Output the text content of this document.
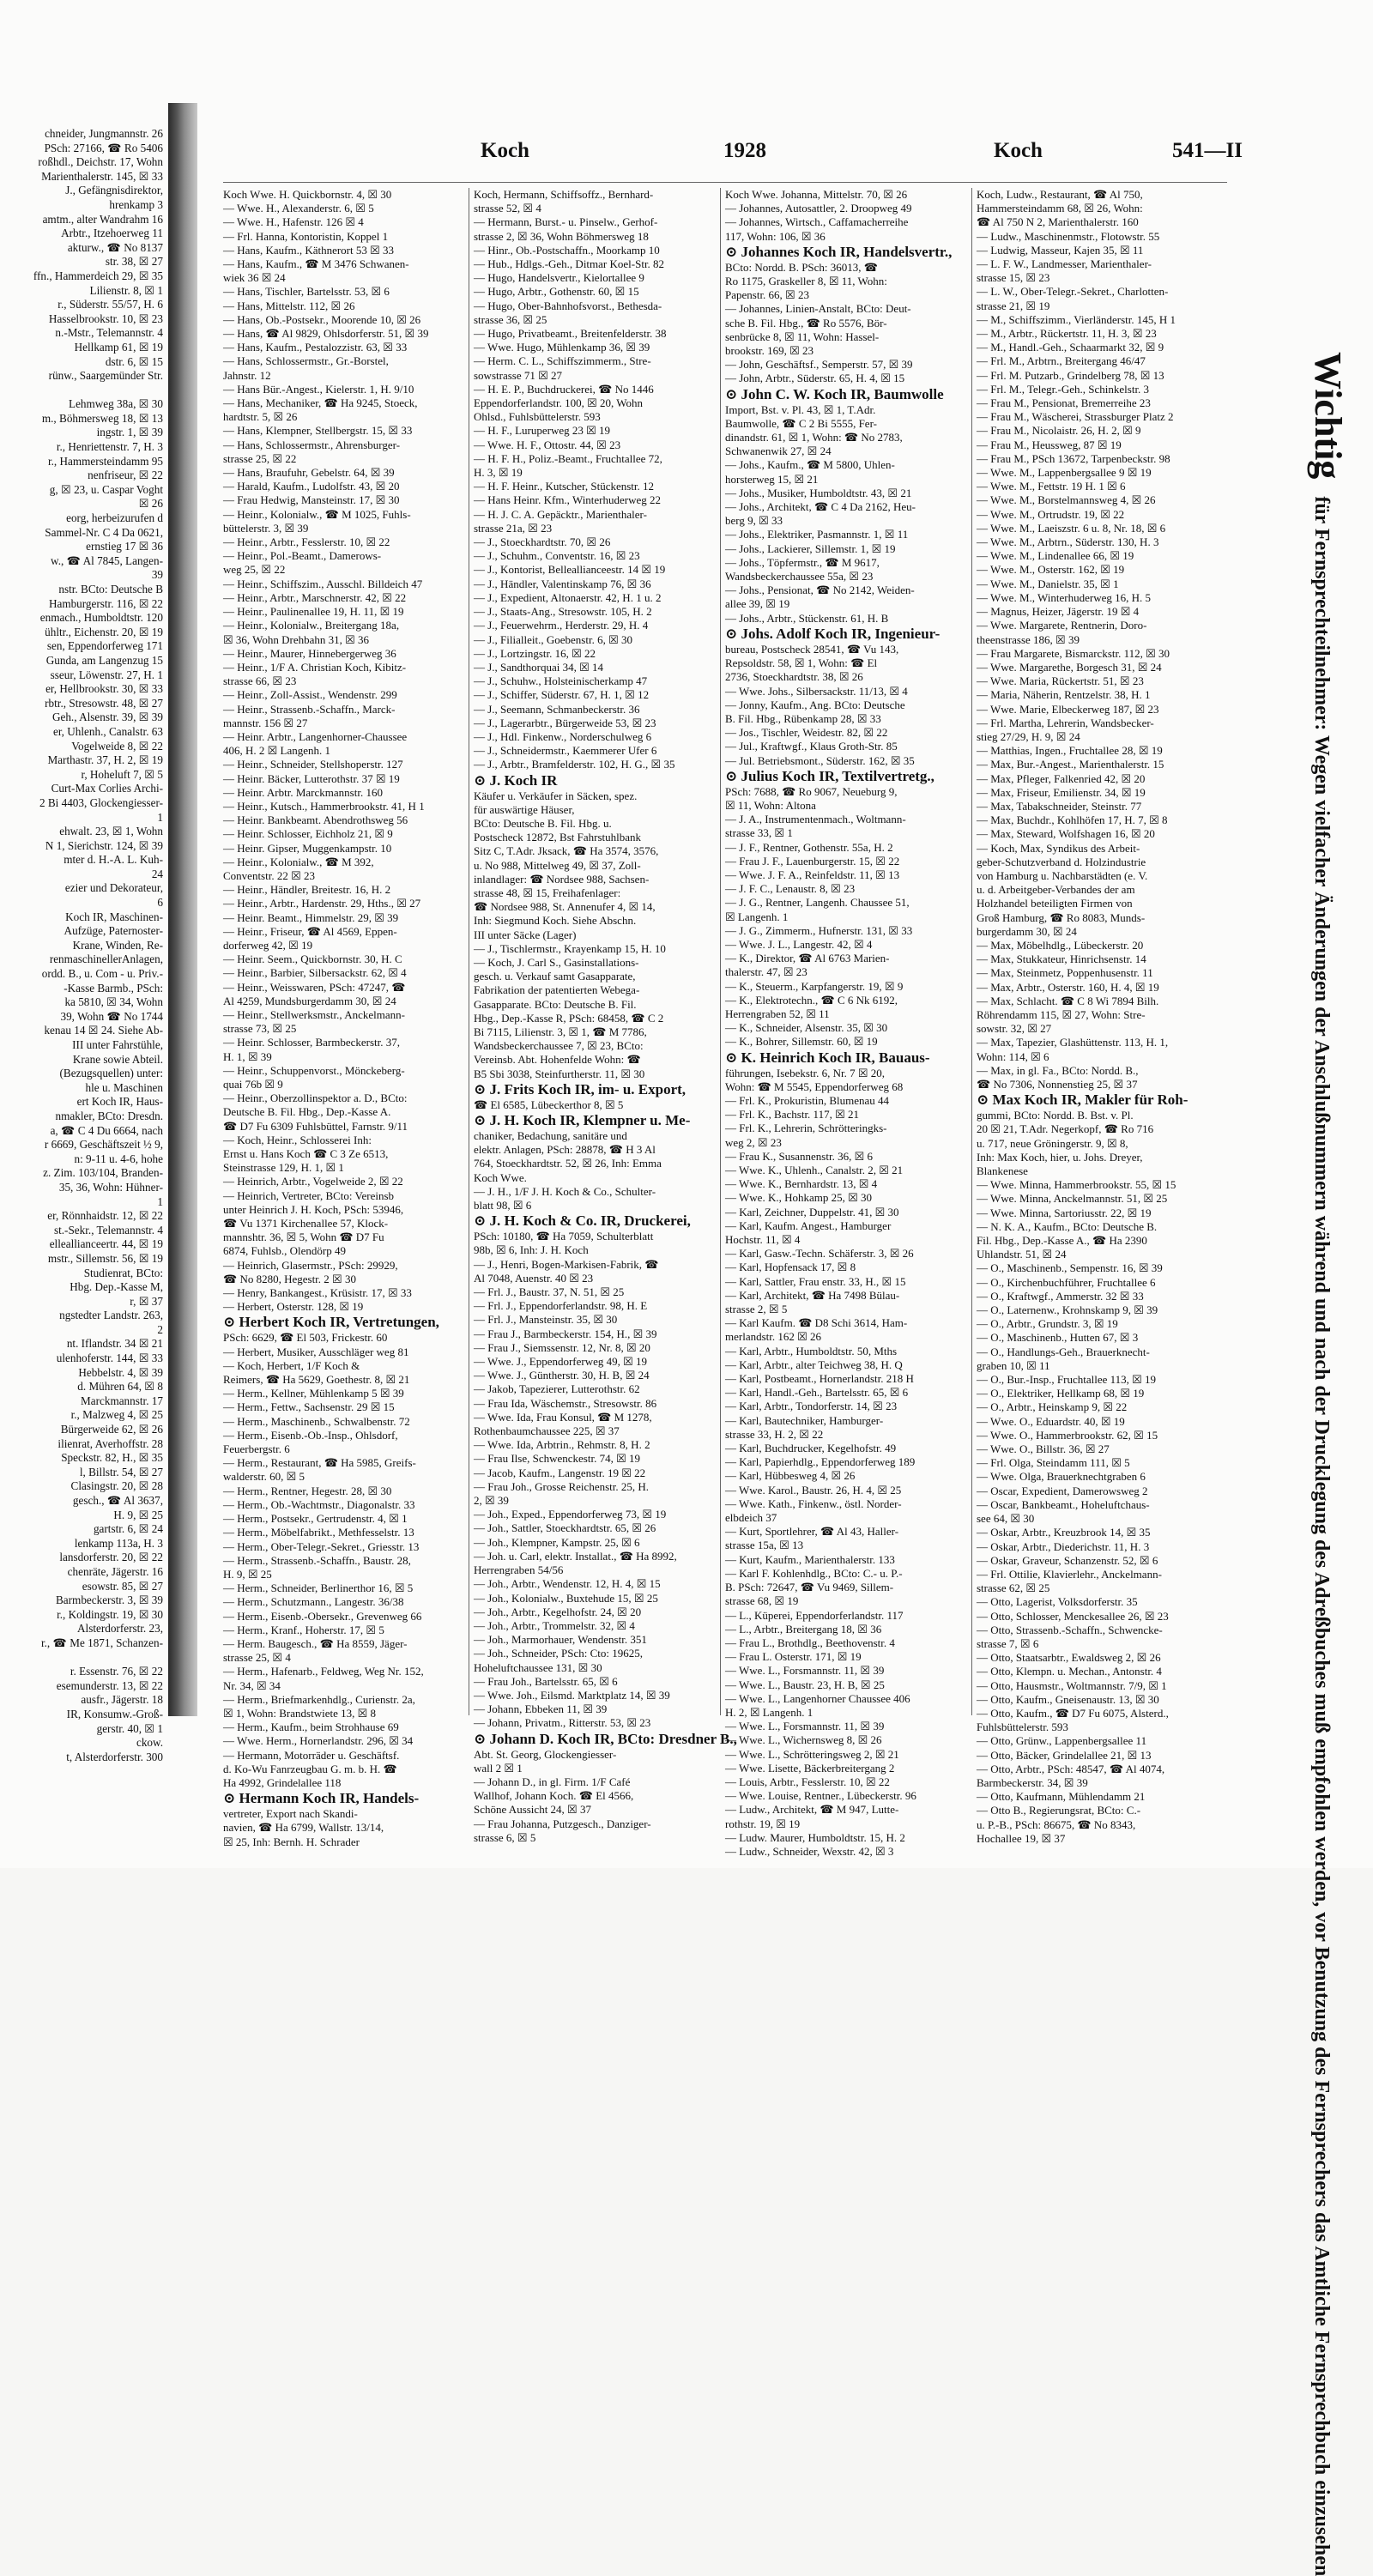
chneider, Jungmannstr. 26
PSch: 27166, ☎ Ro 5406
roßhdl., Deichstr. 17, Wohn
Marienthalerstr. 145, ☒ 33
J., Gefängnisdirektor,
hrenkamp 3
amtm., alter Wandrahm 16
Arbtr., Itzehoerweg 11
akturw., ☎ No 8137
str. 38, ☒ 27
ffn., Hammerdeich 29, ☒ 35
Lilienstr. 8, ☒ 1
r., Süderstr. 55/57, H. 6
Hasselbrookstr. 10, ☒ 23
n.-Mstr., Telemannstr. 4
Hellkamp 61, ☒ 19
dstr. 6, ☒ 15
rünw., Saargemünder Str.

Lehmweg 38a, ☒ 30
m., Böhmersweg 18, ☒ 13
ingstr. 1, ☒ 39
r., Henriettenstr. 7, H. 3
r., Hammersteindamm 95
nenfriseur, ☒ 22
g, ☒ 23, u. Caspar Voght
☒ 26
eorg, herbeizurufen d
Sammel-Nr. C 4 Da 0621,
ernstieg 17 ☒ 36
w., ☎ Al 7845, Langen-
39
nstr. BCto: Deutsche B
Hamburgerstr. 116, ☒ 22
enmach., Humboldtstr. 120
ühltr., Eichenstr. 20, ☒ 19
sen, Eppendorferweg 171
Gunda, am Langenzug 15
sseur, Löwenstr. 27, H. 1
er, Hellbrookstr. 30, ☒ 33
rbtr., Stresowstr. 48, ☒ 27
Geh., Alsenstr. 39, ☒ 39
er, Uhlenh., Canalstr. 63
Vogelweide 8, ☒ 22
Marthastr. 37, H. 2, ☒ 19
r, Hoheluft 7, ☒ 5
Curt-Max Corlies Archi-
2 Bi 4403, Glockengiesser-
1
ehwalt. 23, ☒ 1, Wohn
N 1, Sierichstr. 124, ☒ 39
mter d. H.-A. L. Kuh-
24
ezier und Dekorateur,
6
Koch IR, Maschinen-
Aufzüge, Paternoster-
Krane, Winden, Re-
renmaschinellerAnlagen,
ordd. B., u. Com - u. Priv.-
-Kasse Barmb., PSch:
ka 5810, ☒ 34, Wohn
39, Wohn ☎ No 1744
kenau 14 ☒ 24. Siehe Ab-
III unter Fahrstühle,
Krane sowie Abteil.
(Bezugsquellen) unter:
hle u. Maschinen
ert Koch IR, Haus-
nmakler, BCto: Dresdn.
a, ☎ C 4 Du 6664, nach
r 6669, Geschäftszeit ½ 9,
n: 9-11 u. 4-6, hohe
z. Zim. 103/104, Branden-
35, 36, Wohn: Hühner-
1
er, Rönnhaidstr. 12, ☒ 22
st.-Sekr., Telemannstr. 4
elleallianceertr. 44, ☒ 19
mstr., Sillemstr. 56, ☒ 19
Studienrat, BCto:
Hbg. Dep.-Kasse M,
r, ☒ 37
ngstedter Landstr. 263,
2
nt. Iflandstr. 34 ☒ 21
ulenhoferstr. 144, ☒ 33
Hebbelstr. 4, ☒ 39
d. Mühren 64, ☒ 8
Marckmannstr. 17
r., Malzweg 4, ☒ 25
Bürgerweide 62, ☒ 26
ilienrat, Averhoffstr. 28
Speckstr. 82, H., ☒ 35
l, Billstr. 54, ☒ 27
Clasingstr. 20, ☒ 28
gesch., ☎ Al 3637,
H. 9, ☒ 25
gartstr. 6, ☒ 24
lenkamp 113a, H. 3
lansdorferstr. 20, ☒ 22
chenräte, Jägerstr. 16
esowstr. 85, ☒ 27
Barmbeckerstr. 3, ☒ 39
r., Koldingstr. 19, ☒ 30
Alsterdorferstr. 23,
r., ☎ Me 1871, Schanzen-

r. Essenstr. 76, ☒ 22
esemunderstr. 13, ☒ 22
ausfr., Jägerstr. 18
IR, Konsumw.-Groß-
gerstr. 40, ☒ 1
ckow.
t, Alsterdorferstr. 300
Koch	1928	Koch	541—II
Koch Wwe. H. Quickbornstr. 4, ☒ 30
— Wwe. H., Alexanderstr. 6, ☒ 5
— Wwe. H., Hafenstr. 126 ☒ 4
— Frl. Hanna, Kontoristin, Koppel 1
— Hans, Kaufm., Käthnerort 53 ☒ 33
— Hans, Kaufm., ☎ M 3476 Schwanen-
wiek 36 ☒ 24
— Hans, Tischler, Bartelsstr. 53, ☒ 6
— Hans, Mittelstr. 112, ☒ 26
— Hans, Ob.-Postsekr., Moorende 10, ☒ 26
— Hans, ☎ Al 9829, Ohlsdorferstr. 51, ☒ 39
— Hans, Kaufm., Pestalozzistr. 63, ☒ 33
— Hans, Schlossermstr., Gr.-Borstel,
Jahnstr. 12
— Hans Bür.-Angest., Kielerstr. 1, H. 9/10
— Hans, Mechaniker, ☎ Ha 9245, Stoeck,
hardtstr. 5, ☒ 26
— Hans, Klempner, Stellbergstr. 15, ☒ 33
— Hans, Schlossermstr., Ahrensburger-
strasse 25, ☒ 22
— Hans, Braufuhr, Gebelstr. 64, ☒ 39
— Harald, Kaufm., Ludolfstr. 43, ☒ 20
— Frau Hedwig, Mansteinstr. 17, ☒ 30
— Heinr., Kolonialw., ☎ M 1025, Fuhls-
büttelerstr. 3, ☒ 39
— Heinr., Arbtr., Fesslerstr. 10, ☒ 22
— Heinr., Pol.-Beamt., Damerows-
weg 25, ☒ 22
— Heinr., Schiffszim., Ausschl. Billdeich 47
— Heinr., Arbtr., Marschnerstr. 42, ☒ 22
— Heinr., Paulinenallee 19, H. 11, ☒ 19
— Heinr., Kolonialw., Breitergang 18a,
☒ 36, Wohn Drehbahn 31, ☒ 36
— Heinr., Maurer, Hinnebergerweg 36
— Heinr., 1/F A. Christian Koch, Kibitz-
strasse 66, ☒ 23
— Heinr., Zoll-Assist., Wendenstr. 299
— Heinr., Strassenb.-Schaffn., Marck-
mannstr. 156 ☒ 27
— Heinr. Arbtr., Langenhorner-Chaussee
406, H. 2 ☒ Langenh. 1
— Heinr., Schneider, Stellshoperstr. 127
— Heinr. Bäcker, Lutterothstr. 37 ☒ 19
— Heinr. Arbtr. Marckmannstr. 160
— Heinr., Kutsch., Hammerbrookstr. 41, H 1
— Heinr. Bankbeamt. Abendrothsweg 56
— Heinr. Schlosser, Eichholz 21, ☒ 9
— Heinr. Gipser, Muggenkampstr. 10
— Heinr., Kolonialw., ☎ M 392,
Conventstr. 22 ☒ 23
— Heinr., Händler, Breitestr. 16, H. 2
— Heinr., Arbtr., Hardenstr. 29, Hths., ☒ 27
— Heinr. Beamt., Himmelstr. 29, ☒ 39
— Heinr., Friseur, ☎ Al 4569, Eppen-
dorferweg 42, ☒ 19
— Heinr. Seem., Quickbornstr. 30, H. C
— Heinr., Barbier, Silbersackstr. 62, ☒ 4
— Heinr., Weisswaren, PSch: 47247, ☎
Al 4259, Mundsburgerdamm 30, ☒ 24
— Heinr., Stellwerksmstr., Anckelmann-
strasse 73, ☒ 25
— Heinr. Schlosser, Barmbeckerstr. 37,
H. 1, ☒ 39
— Heinr., Schuppenvorst., Mönckeberg-
quai 76b ☒ 9
— Heinr., Oberzollinspektor a. D., BCto:
Deutsche B. Fil. Hbg., Dep.-Kasse A.
☎ D7 Fu 6309 Fuhlsbüttel, Farnstr. 9/11
— Koch, Heinr., Schlosserei Inh:
Ernst u. Hans Koch ☎ C 3 Ze 6513,
Steinstrasse 129, H. 1, ☒ 1
— Heinrich, Arbtr., Vogelweide 2, ☒ 22
— Heinrich, Vertreter, BCto: Vereinsb
unter Heinrich J. H. Koch, PSch: 53946,
☎ Vu 1371 Kirchenallee 57, Klock-
mannshtr. 36, ☒ 5, Wohn ☎ D7 Fu
6874, Fuhlsb., Olendörp 49
— Heinrich, Glasermstr., PSch: 29929,
☎ No 8280, Hegestr. 2 ☒ 30
— Henry, Bankangest., Krüsistr. 17, ☒ 33
— Herbert, Osterstr. 128, ☒ 19
⊙ Herbert Koch IR, Vertretungen,
PSch: 6629, ☎ El 503, Frickestr. 60
— Herbert, Musiker, Ausschläger weg 81
— Koch, Herbert, 1/F Koch &
Reimers, ☎ Ha 5629, Goethestr. 8, ☒ 21
— Herm., Kellner, Mühlenkamp 5 ☒ 39
— Herm., Fettw., Sachsenstr. 29 ☒ 15
— Herm., Maschinenb., Schwalbenstr. 72
— Herm., Eisenb.-Ob.-Insp., Ohlsdorf,
Feuerbergstr. 6
— Herm., Restaurant, ☎ Ha 5985, Greifs-
walderstr. 60, ☒ 5
— Herm., Rentner, Hegestr. 28, ☒ 30
— Herm., Ob.-Wachtmstr., Diagonalstr. 33
— Herm., Postsekr., Gertrudenstr. 4, ☒ 1
— Herm., Möbelfabrikt., Methfesselstr. 13
— Herm., Ober-Telegr.-Sekret., Griesstr. 13
— Herm., Strassenb.-Schaffn., Baustr. 28,
H. 9, ☒ 25
— Herm., Schneider, Berlinerthor 16, ☒ 5
— Herm., Schutzmann., Langestr. 36/38
— Herm., Eisenb.-Obersekr., Grevenweg 66
— Herm., Kranf., Hoherstr. 17, ☒ 5
— Herm. Baugesch., ☎ Ha 8559, Jäger-
strasse 25, ☒ 4
— Herm., Hafenarb., Feldweg, Weg Nr. 152,
Nr. 34, ☒ 34
— Herm., Briefmarkenhdlg., Curienstr. 2a,
☒ 1, Wohn: Brandstwiete 13, ☒ 8
— Herm., Kaufm., beim Strohhause 69
— Wwe. Herm., Hornerlandstr. 296, ☒ 34
— Hermann, Motorräder u. Geschäftsf.
d. Ko-Wu Fanrzeugbau G. m. b. H. ☎
Ha 4992, Grindelallee 118
⊙ Hermann Koch IR, Handels-
vertreter, Export nach Skandi-
navien, ☎ Ha 6799, Wallstr. 13/14,
☒ 25, Inh: Bernh. H. Schrader
Koch, Hermann, Schiffsoffz., Bernhard-
strasse 52, ☒ 4
— Hermann, Burst.- u. Pinselw., Gerhof-
strasse 2, ☒ 36, Wohn Böhmersweg 18
— Hinr., Ob.-Postschaffn., Moorkamp 10
— Hub., Hdlgs.-Geh., Ditmar Koel-Str. 82
— Hugo, Handelsvertr., Kielortallee 9
— Hugo, Arbtr., Gothenstr. 60, ☒ 15
— Hugo, Ober-Bahnhofsvorst., Bethesda-
strasse 36, ☒ 25
— Hugo, Privatbeamt., Breitenfelderstr. 38
— Wwe. Hugo, Mühlenkamp 36, ☒ 39
— Herm. C. L., Schiffszimmerm., Stre-
sowstrasse 71 ☒ 27
— H. E. P., Buchdruckerei, ☎ No 1446
Eppendorferlandstr. 100, ☒ 20, Wohn
Ohlsd., Fuhlsbüttelerstr. 593
— H. F., Luruperweg 23 ☒ 19
— Wwe. H. F., Ottostr. 44, ☒ 23
— H. F. H., Poliz.-Beamt., Fruchtallee 72,
H. 3, ☒ 19
— H. F. Heinr., Kutscher, Stückenstr. 12
— Hans Heinr. Kfm., Winterhuderweg 22
— H. J. C. A. Gepäcktr., Marienthaler-
strasse 21a, ☒ 23
— J., Stoeckhardtstr. 70, ☒ 26
— J., Schuhm., Conventstr. 16, ☒ 23
— J., Kontorist, Belleallianceestr. 14 ☒ 19
— J., Händler, Valentinskamp 76, ☒ 36
— J., Expedient, Altonaerstr. 42, H. 1 u. 2
— J., Staats-Ang., Stresowstr. 105, H. 2
— J., Feuerwehrm., Herderstr. 29, H. 4
— J., Filialleit., Goebenstr. 6, ☒ 30
— J., Lortzingstr. 16, ☒ 22
— J., Sandthorquai 34, ☒ 14
— J., Schuhw., Holsteinischerkamp 47
— J., Schiffer, Süderstr. 67, H. 1, ☒ 12
— J., Seemann, Schmanbeckerstr. 36
— J., Lagerarbtr., Bürgerweide 53, ☒ 23
— J., Hdl. Finkenw., Norderschulweg 6
— J., Schneidermstr., Kaemmerer Ufer 6
— J., Arbtr., Bramfelderstr. 102, H. G., ☒ 35
⊙ J. Koch IR
Käufer u. Verkäufer in Säcken, spez.
für auswärtige Häuser,
BCto: Deutsche B. Fil. Hbg. u.
Postscheck 12872, Bst Fahrstuhlbank
Sitz C, T.Adr. Jksack, ☎ Ha 3574, 3576,
u. No 988, Mittelweg 49, ☒ 37, Zoll-
inlandlager: ☎ Nordsee 988, Sachsen-
strasse 48, ☒ 15, Freihafenlager:
☎ Nordsee 988, St. Annenufer 4, ☒ 14,
Inh: Siegmund Koch. Siehe Abschn.
III unter Säcke (Lager)
— J., Tischlermstr., Krayenkamp 15, H. 10
— Koch, J. Carl S., Gasinstallations-
gesch. u. Verkauf samt Gasapparate,
Fabrikation der patentierten Webega-
Gasapparate. BCto: Deutsche B. Fil.
Hbg., Dep.-Kasse R, PSch: 68458, ☎ C 2
Bi 7115, Lilienstr. 3, ☒ 1, ☎ M 7786,
Wandsbeckerchaussee 7, ☒ 23, BCto:
Vereinsb. Abt. Hohenfelde Wohn: ☎
B5 Sbi 3038, Steinfurtherstr. 11, ☒ 30
⊙ J. Frits Koch IR, im- u. Export,
☎ El 6585, Lübeckerthor 8, ☒ 5
⊙ J. H. Koch IR, Klempner u. Me-
chaniker, Bedachung, sanitäre und
elektr. Anlagen, PSch: 28878, ☎ H 3 Al
764, Stoeckhardtstr. 52, ☒ 26, Inh: Emma
Koch Wwe.
— J. H., 1/F J. H. Koch & Co., Schulter-
blatt 98, ☒ 6
⊙ J. H. Koch & Co. IR, Druckerei,
PSch: 10180, ☎ Ha 7059, Schulterblatt
98b, ☒ 6, Inh: J. H. Koch
— J., Henri, Bogen-Markisen-Fabrik, ☎
Al 7048, Auenstr. 40 ☒ 23
— Frl. J., Baustr. 37, N. 51, ☒ 25
— Frl. J., Eppendorferlandstr. 98, H. E
— Frl. J., Mansteinstr. 35, ☒ 30
— Frau J., Barmbeckerstr. 154, H., ☒ 39
— Frau J., Siemssenstr. 12, Nr. 8, ☒ 20
— Wwe. J., Eppendorferweg 49, ☒ 19
— Wwe. J., Güntherstr. 30, H. B, ☒ 24
— Jakob, Tapezierer, Lutterothstr. 62
— Frau Ida, Wäschemstr., Stresowstr. 86
— Wwe. Ida, Frau Konsul, ☎ M 1278,
Rothenbaumchaussee 225, ☒ 37
— Wwe. Ida, Arbtrin., Rehmstr. 8, H. 2
— Frau Ilse, Schwenckestr. 74, ☒ 19
— Jacob, Kaufm., Langenstr. 19 ☒ 22
— Frau Joh., Grosse Reichenstr. 25, H.
2, ☒ 39
— Joh., Exped., Eppendorferweg 73, ☒ 19
— Joh., Sattler, Stoeckhardtstr. 65, ☒ 26
— Joh., Klempner, Kampstr. 25, ☒ 6
— Joh. u. Carl, elektr. Installat., ☎ Ha 8992,
Herrengraben 54/56
— Joh., Arbtr., Wendenstr. 12, H. 4, ☒ 15
— Joh., Kolonialw., Buxtehude 15, ☒ 25
— Joh., Arbtr., Kegelhofstr. 24, ☒ 20
— Joh., Arbtr., Trommelstr. 32, ☒ 4
— Joh., Marmorhauer, Wendenstr. 351
— Joh., Schneider, PSch: Cto: 19625,
Hoheluftchaussee 131, ☒ 30
— Frau Joh., Bartelsstr. 65, ☒ 6
— Wwe. Joh., Eilsmd. Marktplatz 14, ☒ 39
— Johann, Ebbeken 11, ☒ 39
— Johann, Privatm., Ritterstr. 53, ☒ 23
⊙ Johann D. Koch IR, BCto: Dresdner B.,
Abt. St. Georg, Glockengiesser-
wall 2 ☒ 1
— Johann D., in gl. Firm. 1/F Café
Wallhof, Johann Koch. ☎ El 4566,
Schöne Aussicht 24, ☒ 37
— Frau Johanna, Putzgesch., Danziger-
strasse 6, ☒ 5
Koch Wwe. Johanna, Mittelstr. 70, ☒ 26
— Johannes, Autosattler, 2. Droopweg 49
— Johannes, Wirtsch., Caffamacherreihe
117, Wohn: 106, ☒ 36
⊙ Johannes Koch IR, Handelsvertr.,
BCto: Nordd. B. PSch: 36013, ☎
Ro 1175, Graskeller 8, ☒ 11, Wohn:
Papenstr. 66, ☒ 23
— Johannes, Linien-Anstalt, BCto: Deut-
sche B. Fil. Hbg., ☎ Ro 5576, Bör-
senbrücke 8, ☒ 11, Wohn: Hassel-
brookstr. 169, ☒ 23
— John, Geschäftsf., Semperstr. 57, ☒ 39
— John, Arbtr., Süderstr. 65, H. 4, ☒ 15
⊙ John C. W. Koch IR, Baumwolle
Import, Bst. v. Pl. 43, ☒ 1, T.Adr.
Baumwolle, ☎ C 2 Bi 5555, Fer-
dinandstr. 61, ☒ 1, Wohn: ☎ No 2783,
Schwanenwik 27, ☒ 24
— Johs., Kaufm., ☎ M 5800, Uhlen-
horsterweg 15, ☒ 21
— Johs., Musiker, Humboldtstr. 43, ☒ 21
— Johs., Architekt, ☎ C 4 Da 2162, Heu-
berg 9, ☒ 33
— Johs., Elektriker, Pasmannstr. 1, ☒ 11
— Johs., Lackierer, Sillemstr. 1, ☒ 19
— Johs., Töpfermstr., ☎ M 9617,
Wandsbeckerchaussee 55a, ☒ 23
— Johs., Pensionat, ☎ No 2142, Weiden-
allee 39, ☒ 19
— Johs., Arbtr., Stückenstr. 61, H. B
⊙ Johs. Adolf Koch IR, Ingenieur-
bureau, Postscheck 28541, ☎ Vu 143,
Repsoldstr. 58, ☒ 1, Wohn: ☎ El
2736, Stoeckhardtstr. 38, ☒ 26
— Wwe. Johs., Silbersackstr. 11/13, ☒ 4
— Jonny, Kaufm., Ang. BCto: Deutsche
B. Fil. Hbg., Rübenkamp 28, ☒ 33
— Jos., Tischler, Weidestr. 82, ☒ 22
— Jul., Kraftwgf., Klaus Groth-Str. 85
— Jul. Betriebsmont., Süderstr. 162, ☒ 35
⊙ Julius Koch IR, Textilvertretg.,
PSch: 7688, ☎ Ro 9067, Neueburg 9,
☒ 11, Wohn: Altona
— J. A., Instrumentenmach., Woltmann-
strasse 33, ☒ 1
— J. F., Rentner, Gothenstr. 55a, H. 2
— Frau J. F., Lauenburgerstr. 15, ☒ 22
— Wwe. J. F. A., Reinfeldstr. 11, ☒ 13
— J. F. C., Lenaustr. 8, ☒ 23
— J. G., Rentner, Langenh. Chaussee 51,
☒ Langenh. 1
— J. G., Zimmerm., Hufnerstr. 131, ☒ 33
— Wwe. J. L., Langestr. 42, ☒ 4
— K., Direktor, ☎ Al 6763 Marien-
thalerstr. 47, ☒ 23
— K., Steuerm., Karpfangerstr. 19, ☒ 9
— K., Elektrotechn., ☎ C 6 Nk 6192,
Herrengraben 52, ☒ 11
— K., Schneider, Alsenstr. 35, ☒ 30
— K., Bohrer, Sillemstr. 60, ☒ 19
⊙ K. Heinrich Koch IR, Bauaus-
führungen, Isebekstr. 6, Nr. 7 ☒ 20,
Wohn: ☎ M 5545, Eppendorferweg 68
— Frl. K., Prokuristin, Blumenau 44
— Frl. K., Bachstr. 117, ☒ 21
— Frl. K., Lehrerin, Schrötteringks-
weg 2, ☒ 23
— Frau K., Susannenstr. 36, ☒ 6
— Wwe. K., Uhlenh., Canalstr. 2, ☒ 21
— Wwe. K., Bernhardstr. 13, ☒ 4
— Wwe. K., Hohkamp 25, ☒ 30
— Karl, Zeichner, Duppelstr. 41, ☒ 30
— Karl, Kaufm. Angest., Hamburger
Hochstr. 11, ☒ 4
— Karl, Gasw.-Techn. Schäferstr. 3, ☒ 26
— Karl, Hopfensack 17, ☒ 8
— Karl, Sattler, Frau enstr. 33, H., ☒ 15
— Karl, Architekt, ☎ Ha 7498 Bülau-
strasse 2, ☒ 5
— Karl Kaufm. ☎ D8 Schi 3614, Ham-
merlandstr. 162 ☒ 26
— Karl, Arbtr., Humboldtstr. 50, Mths
— Karl, Arbtr., alter Teichweg 38, H. Q
— Karl, Postbeamt., Hornerlandstr. 218 H
— Karl, Handl.-Geh., Bartelsstr. 65, ☒ 6
— Karl, Arbtr., Tondorferstr. 14, ☒ 23
— Karl, Bautechniker, Hamburger-
strasse 33, H. 2, ☒ 22
— Karl, Buchdrucker, Kegelhofstr. 49
— Karl, Papierhdlg., Eppendorferweg 189
— Karl, Hübbesweg 4, ☒ 26
— Wwe. Karol., Baustr. 26, H. 4, ☒ 25
— Wwe. Kath., Finkenw., östl. Norder-
elbdeich 37
— Kurt, Sportlehrer, ☎ Al 43, Haller-
strasse 15a, ☒ 13
— Kurt, Kaufm., Marienthalerstr. 133
— Karl F. Kohlenhdlg., BCto: C.- u. P.-
B. PSch: 72647, ☎ Vu 9469, Sillem-
strasse 68, ☒ 19
— L., Küperei, Eppendorferlandstr. 117
— L., Arbtr., Breitergang 18, ☒ 36
— Frau L., Brothdlg., Beethovenstr. 4
— Frau L. Osterstr. 171, ☒ 19
— Wwe. L., Forsmannstr. 11, ☒ 39
— Wwe. L., Baustr. 23, H. B, ☒ 25
— Wwe. L., Langenhorner Chaussee 406
H. 2, ☒ Langenh. 1
— Wwe. L., Forsmannstr. 11, ☒ 39
— Wwe. L., Wichernsweg 8, ☒ 26
— Wwe. L., Schrötteringsweg 2, ☒ 21
— Wwe. Lisette, Bäckerbreitergang 2
— Louis, Arbtr., Fesslerstr. 10, ☒ 22
— Wwe. Louise, Rentner., Lübeckerstr. 96
— Ludw., Architekt, ☎ M 947, Lutte-
rothstr. 19, ☒ 19
— Ludw. Maurer, Humboldtstr. 15, H. 2
— Ludw., Schneider, Wexstr. 42, ☒ 3
Koch, Ludw., Restaurant, ☎ Al 750,
Hammersteindamm 68, ☒ 26, Wohn:
☎ Al 750 N 2, Marienthalerstr. 160
— Ludw., Maschinenmstr., Flotowstr. 55
— Ludwig, Masseur, Kajen 35, ☒ 11
— L. F. W., Landmesser, Marienthaler-
strasse 15, ☒ 23
— L. W., Ober-Telegr.-Sekret., Charlotten-
strasse 21, ☒ 19
— M., Schiffszimm., Vierländerstr. 145, H 1
— M., Arbtr., Rückertstr. 11, H. 3, ☒ 23
— M., Handl.-Geh., Schaarmarkt 32, ☒ 9
— Frl. M., Arbtrn., Breitergang 46/47
— Frl. M. Putzarb., Grindelberg 78, ☒ 13
— Frl. M., Telegr.-Geh., Schinkelstr. 3
— Frau M., Pensionat, Bremerreihe 23
— Frau M., Wäscherei, Strassburger Platz 2
— Frau M., Nicolaistr. 26, H. 2, ☒ 9
— Frau M., Heussweg, 87 ☒ 19
— Frau M., PSch 13672, Tarpenbeckstr. 98
— Wwe. M., Lappenbergsallee 9 ☒ 19
— Wwe. M., Fettstr. 19 H. 1 ☒ 6
— Wwe. M., Borstelmannsweg 4, ☒ 26
— Wwe. M., Ortrudstr. 19, ☒ 22
— Wwe. M., Laeiszstr. 6 u. 8, Nr. 18, ☒ 6
— Wwe. M., Arbtrn., Süderstr. 130, H. 3
— Wwe. M., Lindenallee 66, ☒ 19
— Wwe. M., Osterstr. 162, ☒ 19
— Wwe. M., Danielstr. 35, ☒ 1
— Wwe. M., Winterhuderweg 16, H. 5
— Magnus, Heizer, Jägerstr. 19 ☒ 4
— Wwe. Margarete, Rentnerin, Doro-
theenstrasse 186, ☒ 39
— Frau Margarete, Bismarckstr. 112, ☒ 30
— Wwe. Margarethe, Borgesch 31, ☒ 24
— Wwe. Maria, Rückertstr. 51, ☒ 23
— Maria, Näherin, Rentzelstr. 38, H. 1
— Wwe. Marie, Elbeckerweg 187, ☒ 23
— Frl. Martha, Lehrerin, Wandsbecker-
stieg 27/29, H. 9, ☒ 24
— Matthias, Ingen., Fruchtallee 28, ☒ 19
— Max, Bur.-Angest., Marienthalerstr. 15
— Max, Pfleger, Falkenried 42, ☒ 20
— Max, Friseur, Emilienstr. 34, ☒ 19
— Max, Tabakschneider, Steinstr. 77
— Max, Buchdr., Kohlhöfen 17, H. 7, ☒ 8
— Max, Steward, Wolfshagen 16, ☒ 20
— Koch, Max, Syndikus des Arbeit-
geber-Schutzverband d. Holzindustrie
von Hamburg u. Nachbarstädten (e. V.
u. d. Arbeitgeber-Verbandes der am
Holzhandel beteiligten Firmen von
Groß Hamburg, ☎ Ro 8083, Munds-
burgerdamm 30, ☒ 24
— Max, Möbelhdlg., Lübeckerstr. 20
— Max, Stukkateur, Hinrichsenstr. 14
— Max, Steinmetz, Poppenhusenstr. 11
— Max, Arbtr., Osterstr. 160, H. 4, ☒ 19
— Max, Schlacht. ☎ C 8 Wi 7894 Bilh.
Röhrendamm 115, ☒ 27, Wohn: Stre-
sowstr. 32, ☒ 27
— Max, Tapezier, Glashüttenstr. 113, H. 1,
Wohn: 114, ☒ 6
— Max, in gl. Fa., BCto: Nordd. B.,
☎ No 7306, Nonnenstieg 25, ☒ 37
⊙ Max Koch IR, Makler für Roh-
gummi, BCto: Nordd. B. Bst. v. Pl.
20 ☒ 21, T.Adr. Negerkopf, ☎ Ro 716
u. 717, neue Gröningerstr. 9, ☒ 8,
Inh: Max Koch, hier, u. Johs. Dreyer,
Blankenese
— Wwe. Minna, Hammerbrookstr. 55, ☒ 15
— Wwe. Minna, Anckelmannstr. 51, ☒ 25
— Wwe. Minna, Sartoriusstr. 22, ☒ 19
— N. K. A., Kaufm., BCto: Deutsche B.
Fil. Hbg., Dep.-Kasse A., ☎ Ha 2390
Uhlandstr. 51, ☒ 24
— O., Maschinenb., Sempenstr. 16, ☒ 39
— O., Kirchenbuchführer, Fruchtallee 6
— O., Kraftwgf., Ammerstr. 32 ☒ 33
— O., Laternenw., Krohnskamp 9, ☒ 39
— O., Arbtr., Grundstr. 3, ☒ 19
— O., Maschinenb., Hutten 67, ☒ 3
— O., Handlungs-Geh., Brauerknecht-
graben 10, ☒ 11
— O., Bur.-Insp., Fruchtallee 113, ☒ 19
— O., Elektriker, Hellkamp 68, ☒ 19
— O., Arbtr., Heinskamp 9, ☒ 22
— Wwe. O., Eduardstr. 40, ☒ 19
— Wwe. O., Hammerbrookstr. 62, ☒ 15
— Wwe. O., Billstr. 36, ☒ 27
— Frl. Olga, Steindamm 111, ☒ 5
— Wwe. Olga, Brauerknechtgraben 6
— Oscar, Expedient, Damerowsweg 2
— Oscar, Bankbeamt., Hoheluftchaus-
see 64, ☒ 30
— Oskar, Arbtr., Kreuzbrook 14, ☒ 35
— Oskar, Arbtr., Diederichstr. 11, H. 3
— Oskar, Graveur, Schanzenstr. 52, ☒ 6
— Frl. Ottilie, Klavierlehr., Anckelmann-
strasse 62, ☒ 25
— Otto, Lagerist, Volksdorferstr. 35
— Otto, Schlosser, Menckesallee 26, ☒ 23
— Otto, Strassenb.-Schaffn., Schwencke-
strasse 7, ☒ 6
— Otto, Staatsarbtr., Ewaldsweg 2, ☒ 26
— Otto, Klempn. u. Mechan., Antonstr. 4
— Otto, Hausmstr., Woltmannstr. 7/9, ☒ 1
— Otto, Kaufm., Gneisenaustr. 13, ☒ 30
— Otto, Kaufm., ☎ D7 Fu 6075, Alsterd.,
Fuhlsbüttelerstr. 593
— Otto, Grünw., Lappenbergsallee 11
— Otto, Bäcker, Grindelallee 21, ☒ 13
— Otto, Arbtr., PSch: 48547, ☎ Al 4074,
Barmbeckerstr. 34, ☒ 39
— Otto, Kaufmann, Mühlendamm 21
— Otto B., Regierungsrat, BCto: C.-
u. P.-B., PSch: 86675, ☎ No 8343,
Hochallee 19, ☒ 37
Wichtig für Fernsprechteilnehmer: Wegen vielfacher Änderungen der Anschlußnummern während und nach der Drucklegung des Adreßbuches muß empfohlen werden, vor Benutzung des Fernsprechers das Amtliche Fernsprechbuch einzusehen
